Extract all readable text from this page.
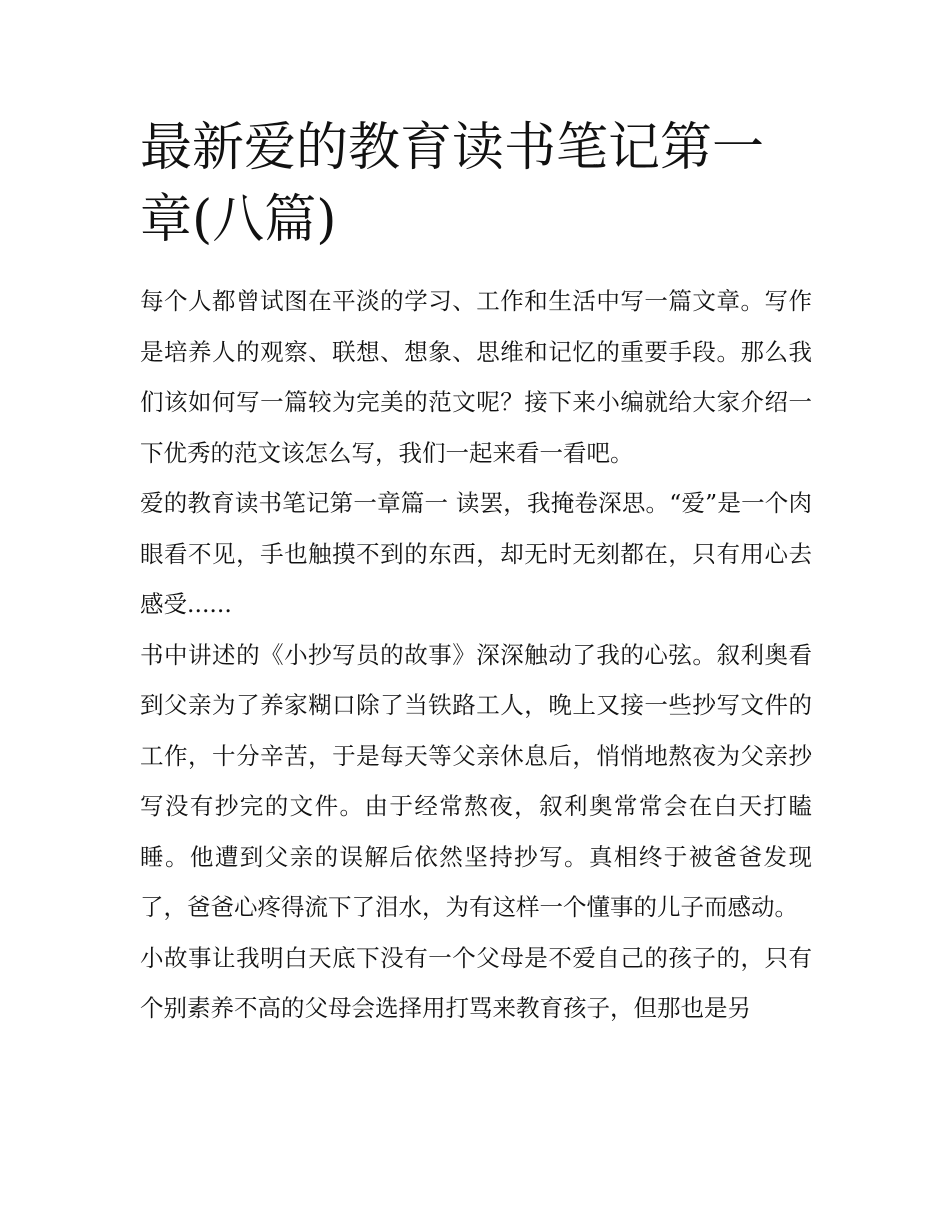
最新爱的教育读书笔记第一章(八篇)

每个人都曾试图在平淡的学习、工作和生活中写一篇文章。写作是培养人的观察、联想、想象、思维和记忆的重要手段。那么我们该如何写一篇较为完美的范文呢？接下来小编就给大家介绍一下优秀的范文该怎么写，我们一起来看一看吧。

爱的教育读书笔记第一章篇一 读罢，我掩卷深思。“爱”是一个肉眼看不见，手也触摸不到的东西，却无时无刻都在，只有用心去感受......

书中讲述的《小抄写员的故事》深深触动了我的心弦。叙利奥看到父亲为了养家糊口除了当铁路工人，晚上又接一些抄写文件的工作，十分辛苦，于是每天等父亲休息后，悄悄地熬夜为父亲抄写没有抄完的文件。由于经常熬夜，叙利奥常常会在白天打瞌睡。他遭到父亲的误解后依然坚持抄写。真相终于被爸爸发现了，爸爸心疼得流下了泪水，为有这样一个懂事的儿子而感动。

小故事让我明白天底下没有一个父母是不爱自己的孩子的，只有个别素养不高的父母会选择用打骂来教育孩子，但那也是另
